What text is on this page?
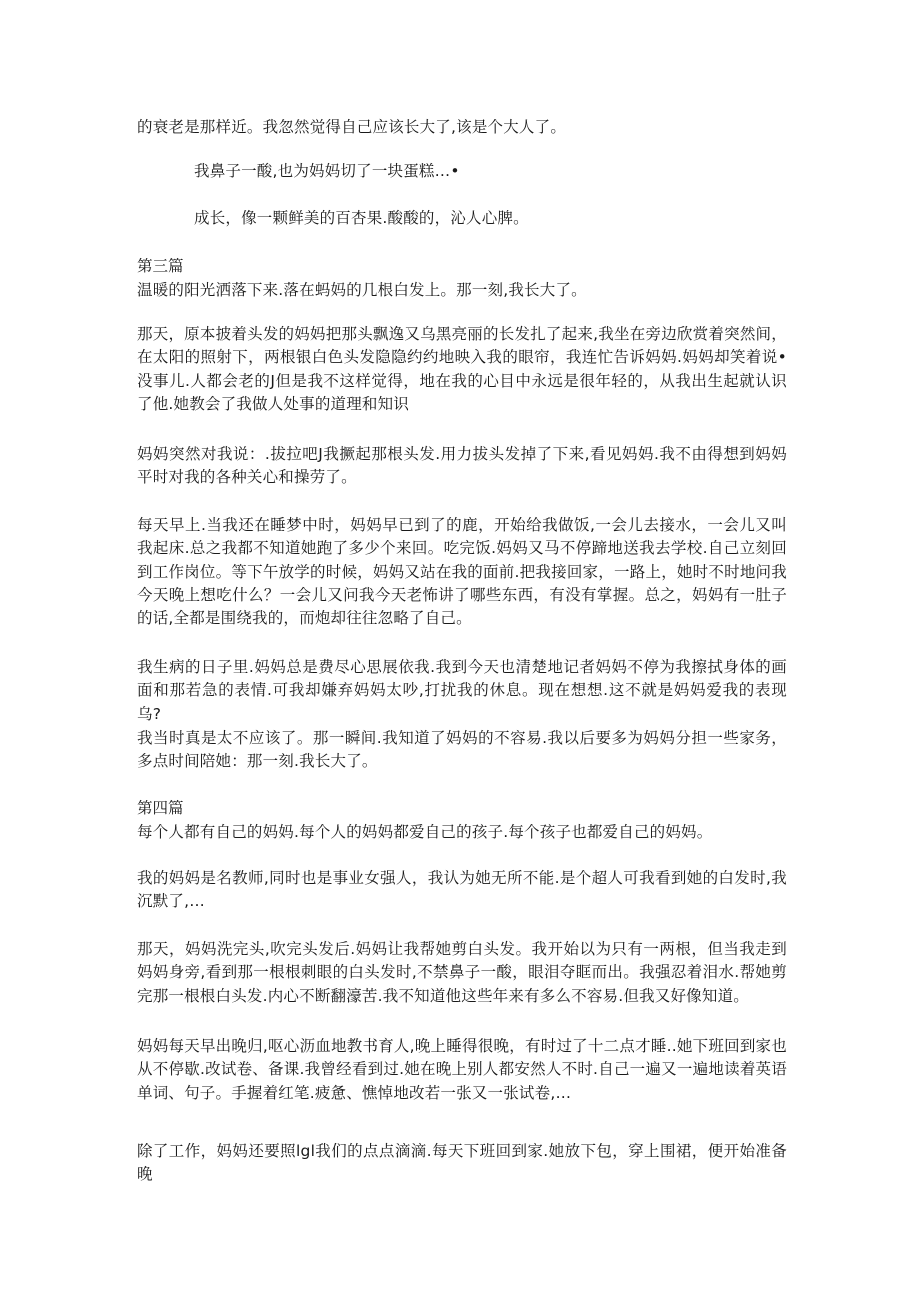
的衰老是那样近。我忽然觉得自己应该长大了,该是个大人了。

我鼻子一酸,也为妈妈切了一块蛋糕…•

成长，像一颗鲜美的百杏果.酸酸的，沁人心脾。

第三篇

温暖的阳光洒落下来.落在蚂妈的几根白发上。那一刻,我长大了。

那天，原本披着头发的妈妈把那头飘逸又乌黑亮丽的长发扎了起来,我坐在旁边欣赏着突然间，在太阳的照射下，两根银白色头发隐隐约约地映入我的眼帘，我连忙告诉妈妈.妈妈却笑着说•没事儿.人都会老的J但是我不这样觉得，地在我的心目中永远是很年轻的，从我出生起就认识了他.她教会了我做人处事的道理和知识

妈妈突然对我说：.拔拉吧J我撅起那根头发.用力拔头发掉了下来,看见妈妈.我不由得想到妈妈平时对我的各种关心和操劳了。

每天早上.当我还在睡梦中时，妈妈早已到了的鹿，开始给我做饭,一会儿去接水，一会儿又叫我起床.总之我都不知道她跑了多少个来回。吃完饭.妈妈又马不停蹄地送我去学校.自己立刻回到工作岗位。等下午放学的时候，妈妈又站在我的面前.把我接回家，一路上，她时不时地问我今天晚上想吃什么？一会儿又问我今天老怖讲了哪些东西，有没有掌握。总之，妈妈有一肚子的话,全都是围绕我的，而炮却往往忽略了自己。

我生病的日子里.妈妈总是费尽心思展依我.我到今天也清楚地记者妈妈不停为我擦拭身体的画面和那若急的表情.可我却嫌弃妈妈太吵,打扰我的休息。现在想想.这不就是妈妈爱我的表现乌?

我当时真是太不应该了。那一瞬间.我知道了妈妈的不容易.我以后要多为妈妈分担一些家务，多点时间陪她：那一刻.我长大了。

第四篇

每个人都有自己的妈妈.每个人的妈妈都爱自己的孩子.每个孩子也都爱自己的妈妈。

我的妈妈是名教师,同时也是事业女强人，我认为她无所不能.是个超人可我看到她的白发时,我沉默了,…

那天，妈妈洗完头,吹完头发后.妈妈让我帮她剪白头发。我开始以为只有一两根，但当我走到妈妈身旁,看到那一根根刺眼的白头发时,不禁鼻子一酸，眼泪夺眶而出。我强忍着泪水.帮她剪完那一根根白头发.内心不断翻濠苦.我不知道他这些年来有多么不容易.但我又好像知道。

妈妈每天早出晚归,呕心沥血地教书育人,晚上睡得很晚，有时过了十二点才睡..她下班回到家也从不停歇.改试卷、备课.我曾经看到过.她在晚上别人都安然人不时.自己一遍又一遍地读着英语单词、句子。手握着红笔.疲惫、憔悼地改若一张又一张试卷,…

除了工作，妈妈还要照lgl我们的点点滴滴.每天下班回到家.她放下包，穿上围裙，便开始准备晚
